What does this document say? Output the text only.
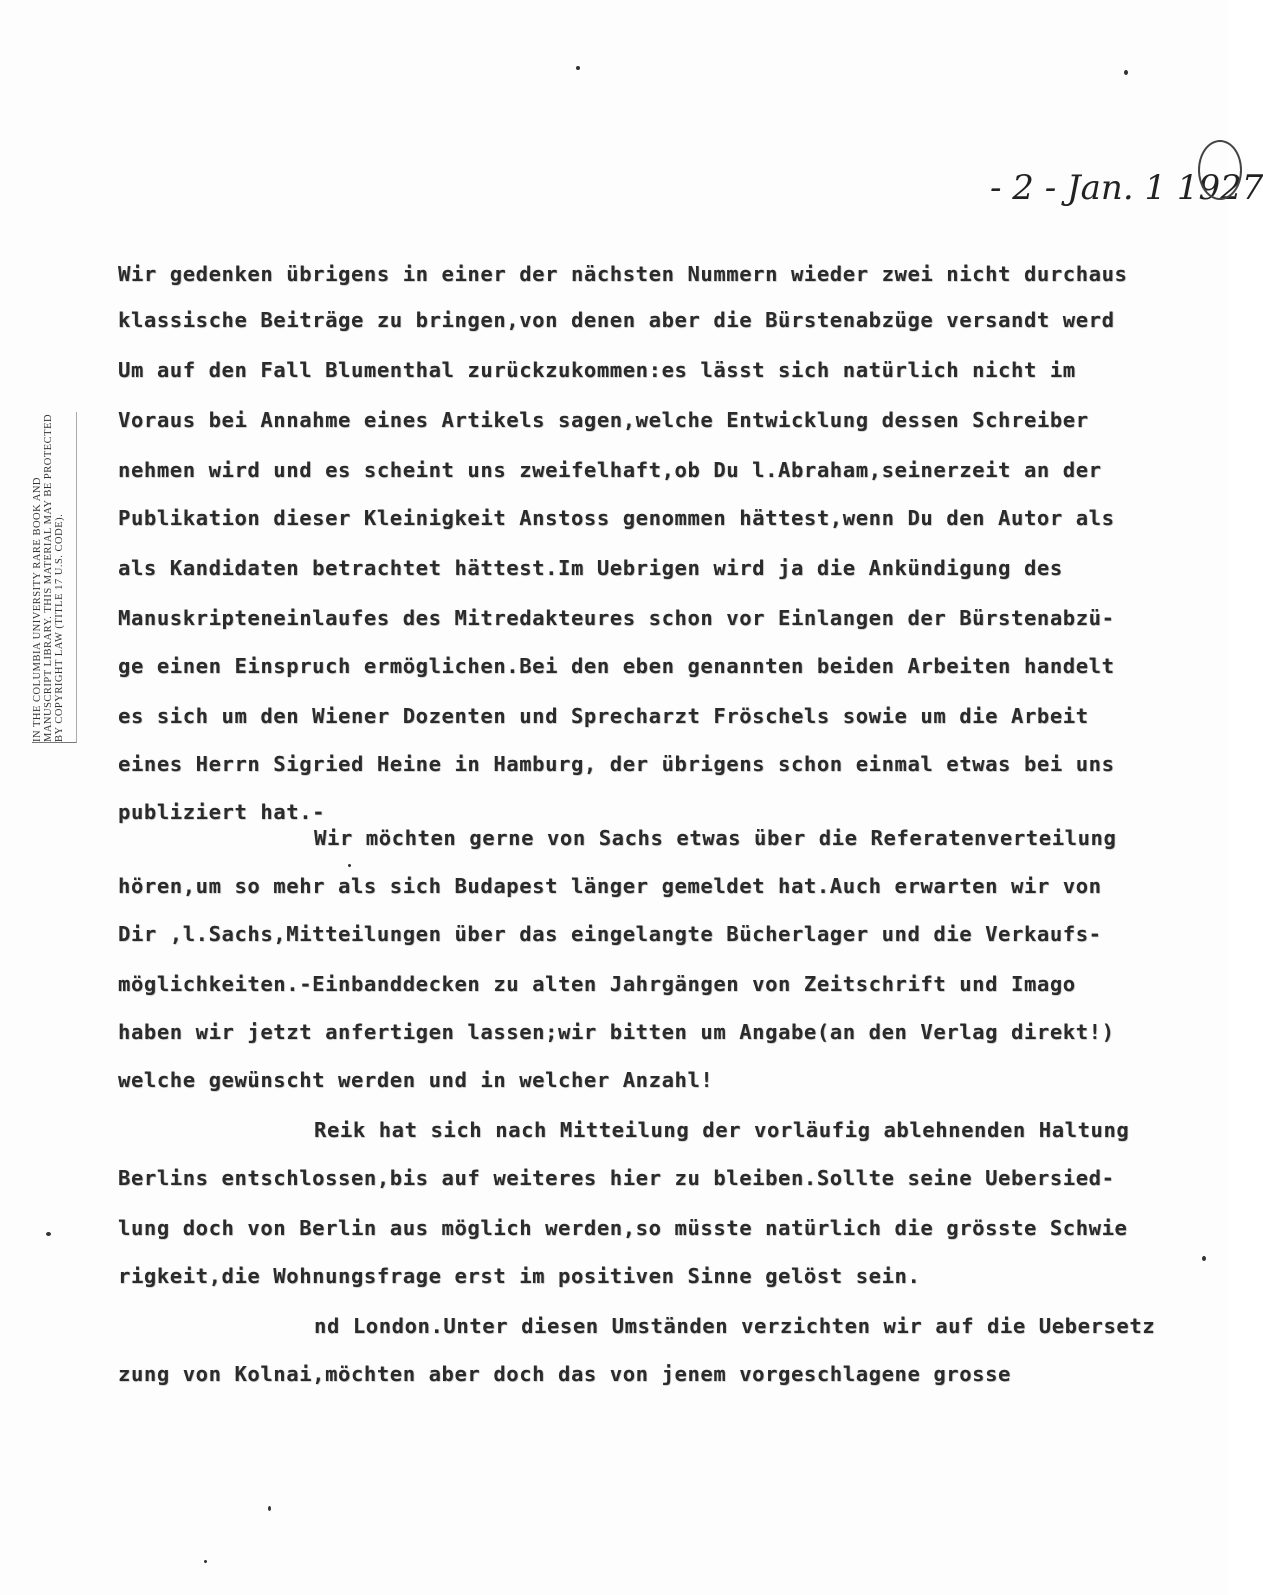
- 2 - Jan. 1 1927
IN THE COLUMBIA UNIVERSITY RARE BOOK AND MANUSCRIPT LIBRARY. THIS MATERIAL MAY BE PROTECTED BY COPYRIGHT LAW (TITLE 17 U.S. CODE).
Wir gedenken übrigens in einer der nächsten Nummern wieder zwei nicht durchaus
klassische Beiträge zu bringen,von denen aber die Bürstenabzüge versandt werd
Um auf den Fall Blumenthal zurückzukommen:es lässt sich natürlich nicht im
Voraus bei Annahme eines Artikels sagen,welche Entwicklung dessen Schreiber
nehmen wird und es scheint uns zweifelhaft,ob Du l.Abraham,seinerzeit an der
Publikation dieser Kleinigkeit Anstoss genommen hättest,wenn Du den Autor als
als Kandidaten betrachtet hättest.Im Uebrigen wird ja die Ankündigung des
Manuskripteneinlaufes des Mitredakteures schon vor Einlangen der Bürstenabzü-
ge einen Einspruch ermöglichen.Bei den eben genannten beiden Arbeiten handelt
es sich um den Wiener Dozenten und Sprecharzt Fröschels sowie um die Arbeit
eines Herrn Sigried Heine in Hamburg, der übrigens schon einmal etwas bei uns
publiziert hat.-
Wir möchten gerne von Sachs etwas über die Referatenverteilung
hören,um so mehr als sich Budapest länger gemeldet hat.Auch erwarten wir von
Dir ,l.Sachs,Mitteilungen über das eingelangte Bücherlager und die Verkaufs-
möglichkeiten.-Einbanddecken zu alten Jahrgängen von Zeitschrift und Imago
haben wir jetzt anfertigen lassen;wir bitten um Angabe(an den Verlag direkt!)
welche gewünscht werden und in welcher Anzahl!
Reik hat sich nach Mitteilung der vorläufig ablehnenden Haltung
Berlins entschlossen,bis auf weiteres hier zu bleiben.Sollte seine Uebersied-
lung doch von Berlin aus möglich werden,so müsste natürlich die grösste Schwie
rigkeit,die Wohnungsfrage erst im positiven Sinne gelöst sein.
nd London.Unter diesen Umständen verzichten wir auf die Uebersetz
zung von Kolnai,möchten aber doch das von jenem vorgeschlagene grosse
